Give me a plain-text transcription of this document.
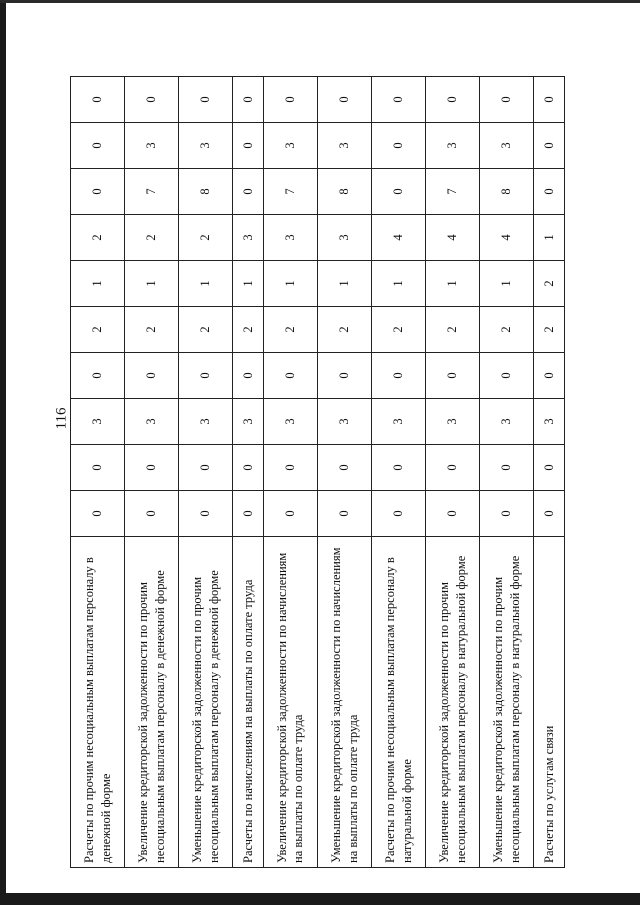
116
Расчеты по прочим несоциальным выплатам персоналу в денежной форме	0	0	3	0	2	1	2	0	0	0
Увеличение кредиторской задолженности по прочим несоциальным выплатам персоналу в денежной форме	0	0	3	0	2	1	2	7	3	0
Уменьшение кредиторской задолженности по прочим несоциальным выплатам персоналу в денежной форме	0	0	3	0	2	1	2	8	3	0
Расчеты по начислениям на выплаты по оплате труда	0	0	3	0	2	1	3	0	0	0
Увеличение кредиторской задолженности по начислениям на выплаты по оплате труда	0	0	3	0	2	1	3	7	3	0
Уменьшение кредиторской задолженности по начислениям на выплаты по оплате труда	0	0	3	0	2	1	3	8	3	0
Расчеты по прочим несоциальным выплатам персоналу в натуральной форме	0	0	3	0	2	1	4	0	0	0
Увеличение кредиторской задолженности по прочим несоциальным выплатам персоналу в натуральной форме	0	0	3	0	2	1	4	7	3	0
Уменьшение кредиторской задолженности по прочим несоциальным выплатам персоналу в натуральной форме	0	0	3	0	2	1	4	8	3	0
Расчеты по услугам связи	0	0	3	0	2	2	1	0	0	0
